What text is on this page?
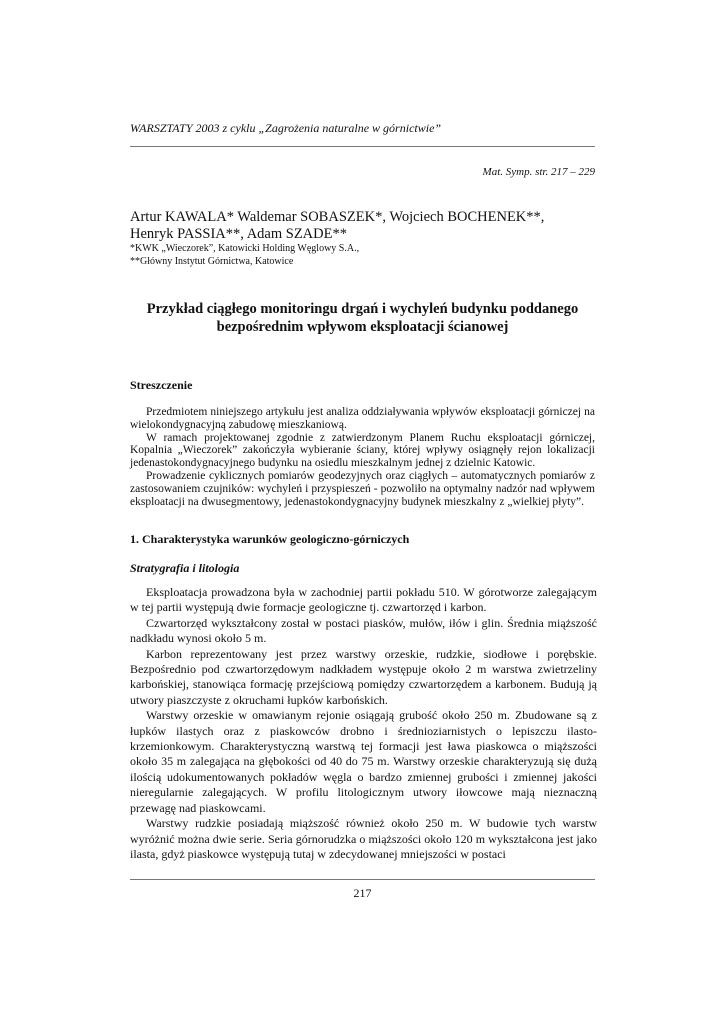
WARSZTATY 2003 z cyklu „Zagrożenia naturalne w górnictwie”
Mat. Symp. str. 217 – 229
Artur KAWALA* Waldemar SOBASZEK*, Wojciech BOCHENEK**,
Henryk PASSIA**, Adam SZADE**
*KWK „Wieczorek”, Katowicki Holding Węglowy S.A.,
**Główny Instytut Górnictwa, Katowice
Przykład ciągłego monitoringu drgań i wychyleń budynku poddanego
bezpośrednim wpływom eksploatacji ścianowej
Streszczenie

Przedmiotem niniejszego artykułu jest analiza oddziaływania wpływów eksploatacji górniczej na wielokondygnacyjną zabudowę mieszkaniową.

W ramach projektowanej zgodnie z zatwierdzonym Planem Ruchu eksploatacji górniczej, Kopalnia „Wieczorek” zakończyła wybieranie ściany, której wpływy osiągnęły rejon lokalizacji jedenastokondygnacyjnego budynku na osiedlu mieszkalnym jednej z dzielnic Katowic.

Prowadzenie cyklicznych pomiarów geodezyjnych oraz ciągłych – automatycznych pomiarów z zastosowaniem czujników: wychyleń i przyspieszeń - pozwoliło na optymalny nadzór nad wpływem eksploatacji na dwusegmentowy, jedenastokondygnacyjny budynek mieszkalny z „wielkiej płyty”.

1. Charakterystyka warunków geologiczno-górniczych
Stratygrafia i litologia

Eksploatacja prowadzona była w zachodniej partii pokładu 510. W górotworze zalegającym w tej partii występują dwie formacje geologiczne tj. czwartorzęd i karbon.

Czwartorzęd wykształcony został w postaci piasków, mułów, iłów i glin. Średnia miąższość nadkładu wynosi około 5 m.

Karbon reprezentowany jest przez warstwy orzeskie, rudzkie, siodłowe i porębskie. Bezpośrednio pod czwartorzędowym nadkładem występuje około 2 m warstwa zwietrzeliny karbońskiej, stanowiąca formację przejściową pomiędzy czwartorzędem a karbonem. Budują ją utwory piaszczyste z okruchami łupków karbońskich.

Warstwy orzeskie w omawianym rejonie osiągają grubość około 250 m. Zbudowane są z łupków ilastych oraz z piaskowców drobno i średnioziarnistych o lepiszczu ilasto-krzemionkowym. Charakterystyczną warstwą tej formacji jest ława piaskowca o miąższości około 35 m zalegająca na głębokości od 40 do 75 m. Warstwy orzeskie charakteryzują się dużą ilością udokumentowanych pokładów węgla o bardzo zmiennej grubości i zmiennej jakości nieregularnie zalegających. W profilu litologicznym utwory iłowcowe mają nieznaczną przewagę nad piaskowcami.

Warstwy rudzkie posiadają miąższość również około 250 m. W budowie tych warstw wyróżnić można dwie serie. Seria górnorudzka o miąższości około 120 m wykształcona jest jako ilasta, gdyż piaskowce występują tutaj w zdecydowanej mniejszości w postaci

217
